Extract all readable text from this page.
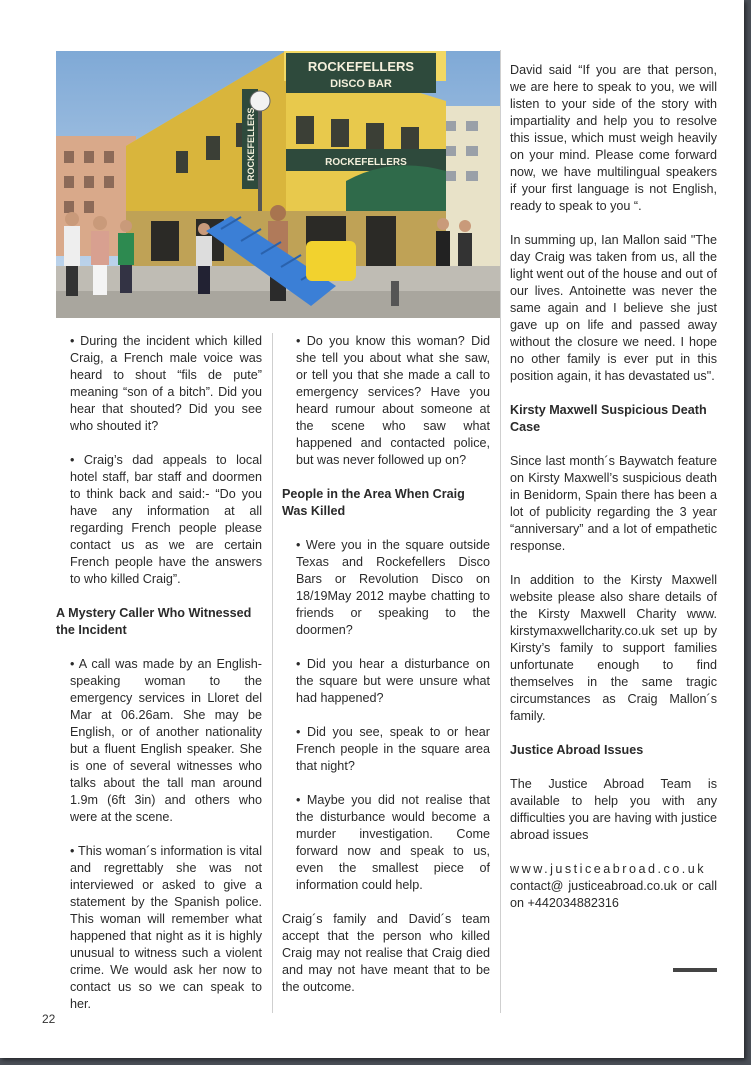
ROCKEFELLERS
DISCO BAR
ROCKEFELLERS
ROCKEFELLERS

• During the incident which killed Craig, a French male voice was heard to shout “fils de pute” meaning “son of a bitch”. Did you hear that shouted? Did you see who shouted it?

• Craig’s dad appeals to local hotel staff, bar staff and doormen to think back and said:- “Do you have any information at all regarding French people please contact us as we are certain French people have the answers to who killed Craig”.

A Mystery Caller Who Witnessed the Incident

• A call was made by an English-speaking woman to the emergency services in Lloret del Mar at 06.26am. She may be English, or of another nationality but a fluent English speaker. She is one of several witnesses who talks about the tall man around 1.9m (6ft 3in) and others who were at the scene.

• This woman´s information is vital and regrettably she was not interviewed or asked to give a statement by the Spanish police. This woman will remember what happened that night as it is highly unusual to witness such a violent crime. We would ask her now to contact us so we can speak to her.

• Do you know this woman? Did she tell you about what she saw, or tell you that she made a call to emergency services? Have you heard rumour about someone at the scene who saw what happened and contacted police, but was never followed up on?

People in the Area When Craig Was Killed

• Were you in the square outside Texas and Rockefellers Disco Bars or Revolution Disco on 18/19May 2012 maybe chatting to friends or speaking to the doormen?

• Did you hear a disturbance on the square but were unsure what had happened?

• Did you see, speak to or hear French people in the square area that night?

• Maybe you did not realise that the disturbance would become a murder investigation. Come forward now and speak to us, even the smallest piece of information could help.

Craig´s family and David´s team accept that the person who killed Craig may not realise that Craig died and may not have meant that to be the outcome.

David said “If you are that person, we are here to speak to you, we will listen to your side of the story with impartiality and help you to resolve this issue, which must weigh heavily on your mind. Please come forward now, we have multilingual speakers if your first language is not English, ready to speak to you “.

In summing up, Ian Mallon said "The day Craig was taken from us, all the light went out of the house and out of our lives. Antoinette was never the same again and I believe she just gave up on life and passed away without the closure we need. I hope no other family is ever put in this position again, it has devastated us".

Kirsty Maxwell Suspicious Death Case

Since last month´s Baywatch feature on Kirsty Maxwell’s suspicious death in Benidorm, Spain there has been a lot of publicity regarding the 3 year “anniversary” and a lot of empathetic response.

In addition to the Kirsty Maxwell website please also share details of the Kirsty Maxwell Charity www. kirstymaxwellcharity.co.uk set up by Kirsty’s family to support families unfortunate enough to find themselves in the same tragic circumstances as Craig Mallon´s family.

Justice Abroad Issues

The Justice Abroad Team is available to help you with any difficulties you are having with justice abroad issues

www.justiceabroad.co.uk
contact@ justiceabroad.co.uk or call on +442034882316

22
